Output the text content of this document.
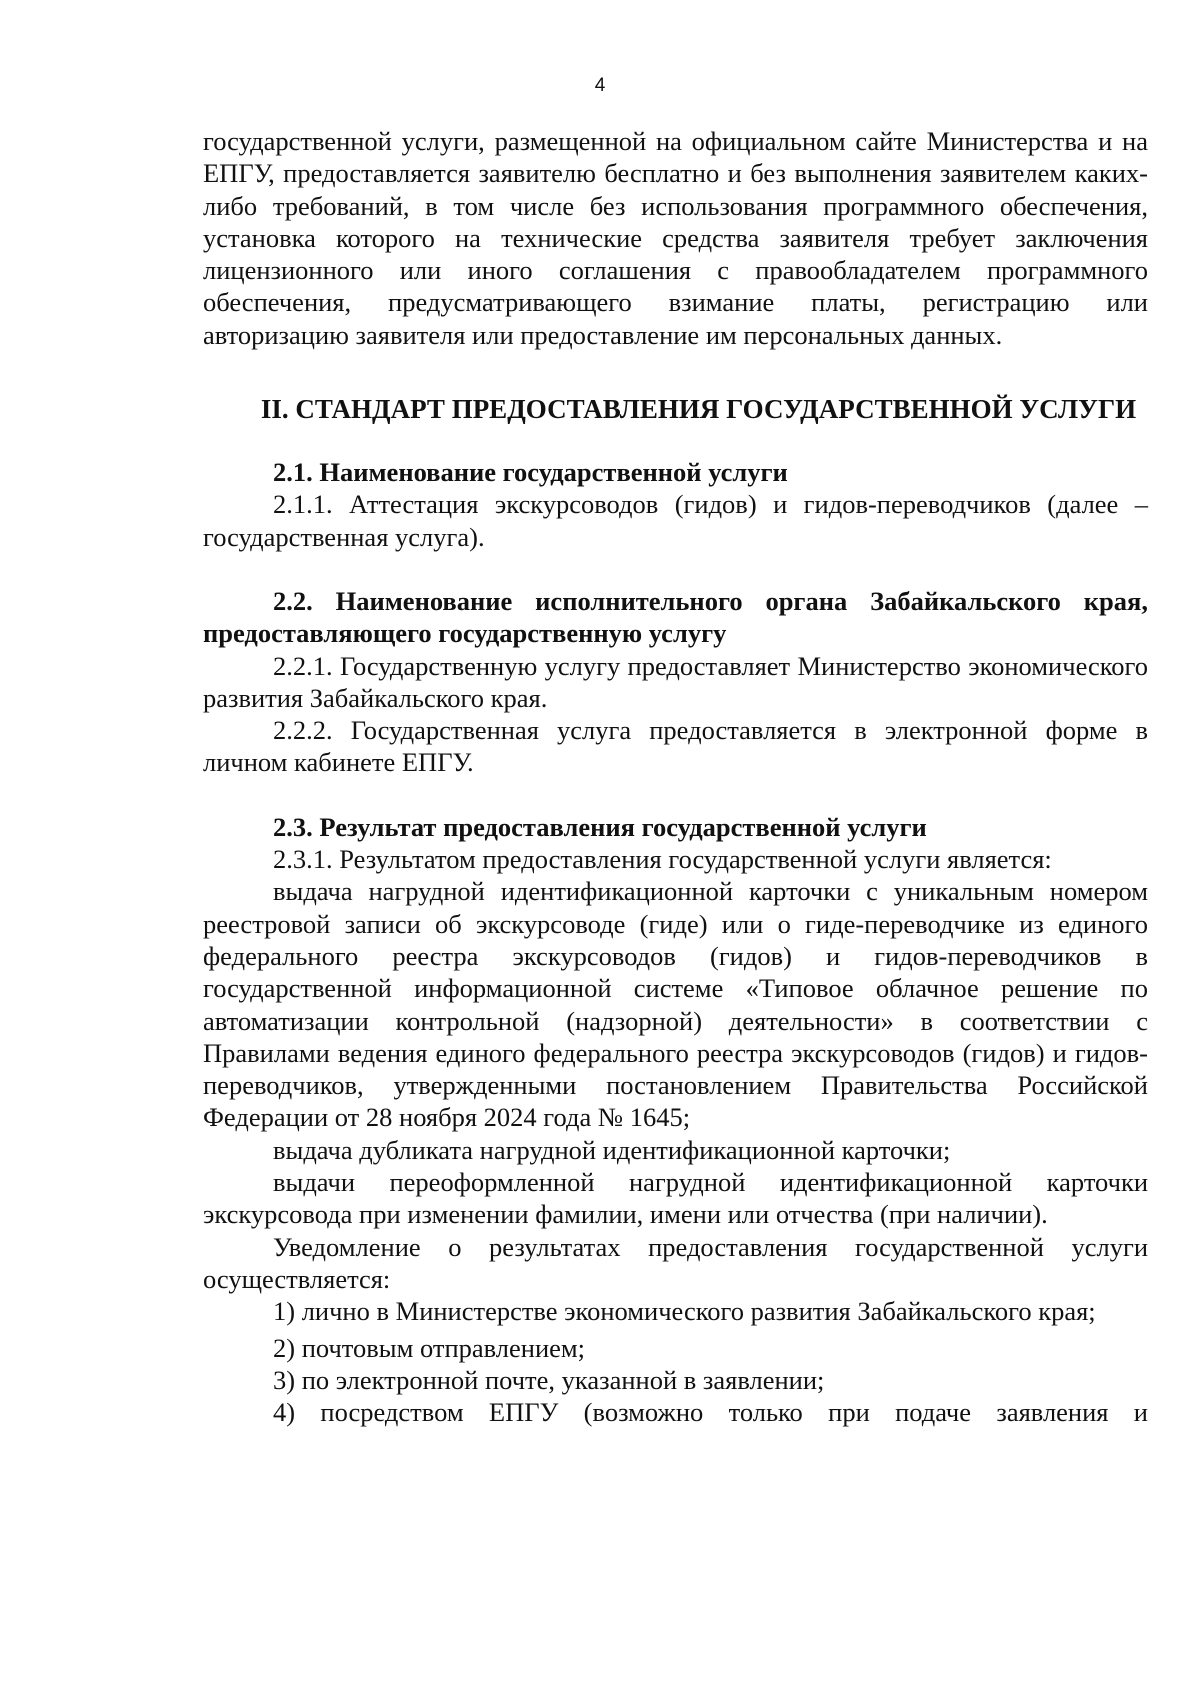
4

государственной услуги, размещенной на официальном сайте Министерства и на ЕПГУ, предоставляется заявителю бесплатно и без выполнения заявителем каких-либо требований, в том числе без использования программного обеспечения, установка которого на технические средства заявителя требует заключения лицензионного или иного соглашения с правообладателем программного обеспечения, предусматривающего взимание платы, регистрацию или авторизацию заявителя или предоставление им персональных данных.

II. СТАНДАРТ ПРЕДОСТАВЛЕНИЯ ГОСУДАРСТВЕННОЙ УСЛУГИ

2.1. Наименование государственной услуги

2.1.1. Аттестация экскурсоводов (гидов) и гидов-переводчиков (далее – государственная услуга).

2.2. Наименование исполнительного органа Забайкальского края, предоставляющего государственную услугу

2.2.1. Государственную услугу предоставляет Министерство экономического развития Забайкальского края.

2.2.2. Государственная услуга предоставляется в электронной форме в личном кабинете ЕПГУ.

2.3. Результат предоставления государственной услуги

2.3.1. Результатом предоставления государственной услуги является:

выдача нагрудной идентификационной карточки с уникальным номером реестровой записи об экскурсоводе (гиде) или о гиде-переводчике из единого федерального реестра экскурсоводов (гидов) и гидов-переводчиков в государственной информационной системе «Типовое облачное решение по автоматизации контрольной (надзорной) деятельности» в соответствии с Правилами ведения единого федерального реестра экскурсоводов (гидов) и гидов-переводчиков, утвержденными постановлением Правительства Российской Федерации от 28 ноября 2024 года № 1645;

выдача дубликата нагрудной идентификационной карточки;

выдачи переоформленной нагрудной идентификационной карточки экскурсовода при изменении фамилии, имени или отчества (при наличии).

Уведомление о результатах предоставления государственной услуги осуществляется:

1) лично в Министерстве экономического развития Забайкальского края;

2) почтовым отправлением;

3) по электронной почте, указанной в заявлении;

4) посредством ЕПГУ (возможно только при подаче заявления и
